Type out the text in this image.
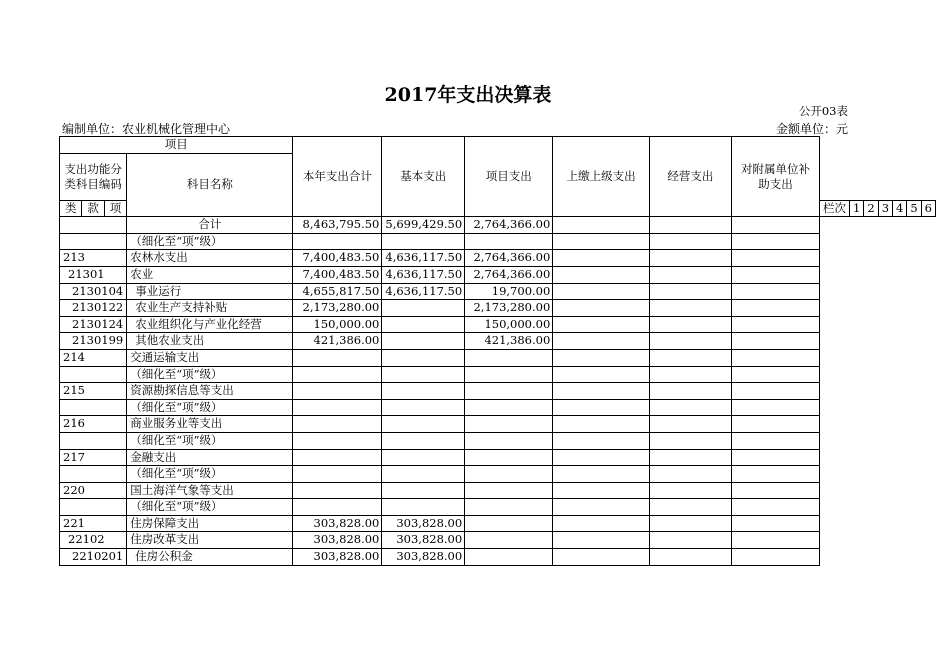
2017年支出决算表
公开03表
编制单位：农业机械化管理中心	金额单位：元
项目		本年支出合计	基本支出	项目支出	上缴上级支出	经营支出	对附属单位补助支出							
支出功能分类科目编码	科目名称													

类 款 项								栏次	1	2	3	4	5	6
	合计	8,463,795.50	5,699,429.50	2,764,366.00										
	（细化至“项”级）													
213	农林水支出	7,400,483.50	4,636,117.50	2,764,366.00										
21301	农业	7,400,483.50	4,636,117.50	2,764,366.00										
2130104	事业运行	4,655,817.50	4,636,117.50	19,700.00										
2130122	农业生产支持补贴	2,173,280.00		2,173,280.00										
2130124	农业组织化与产业化经营	150,000.00		150,000.00										
2130199	其他农业支出	421,386.00		421,386.00										
214	交通运输支出													
	（细化至“项”级）													
215	资源勘探信息等支出													
	（细化至“项”级）													
216	商业服务业等支出													
	（细化至“项”级）													
217	金融支出													
	（细化至“项”级）													
220	国土海洋气象等支出													
	（细化至“项”级）													
221	住房保障支出	303,828.00	303,828.00											
22102	住房改革支出	303,828.00	303,828.00											
2210201	住房公积金	303,828.00	303,828.00											
